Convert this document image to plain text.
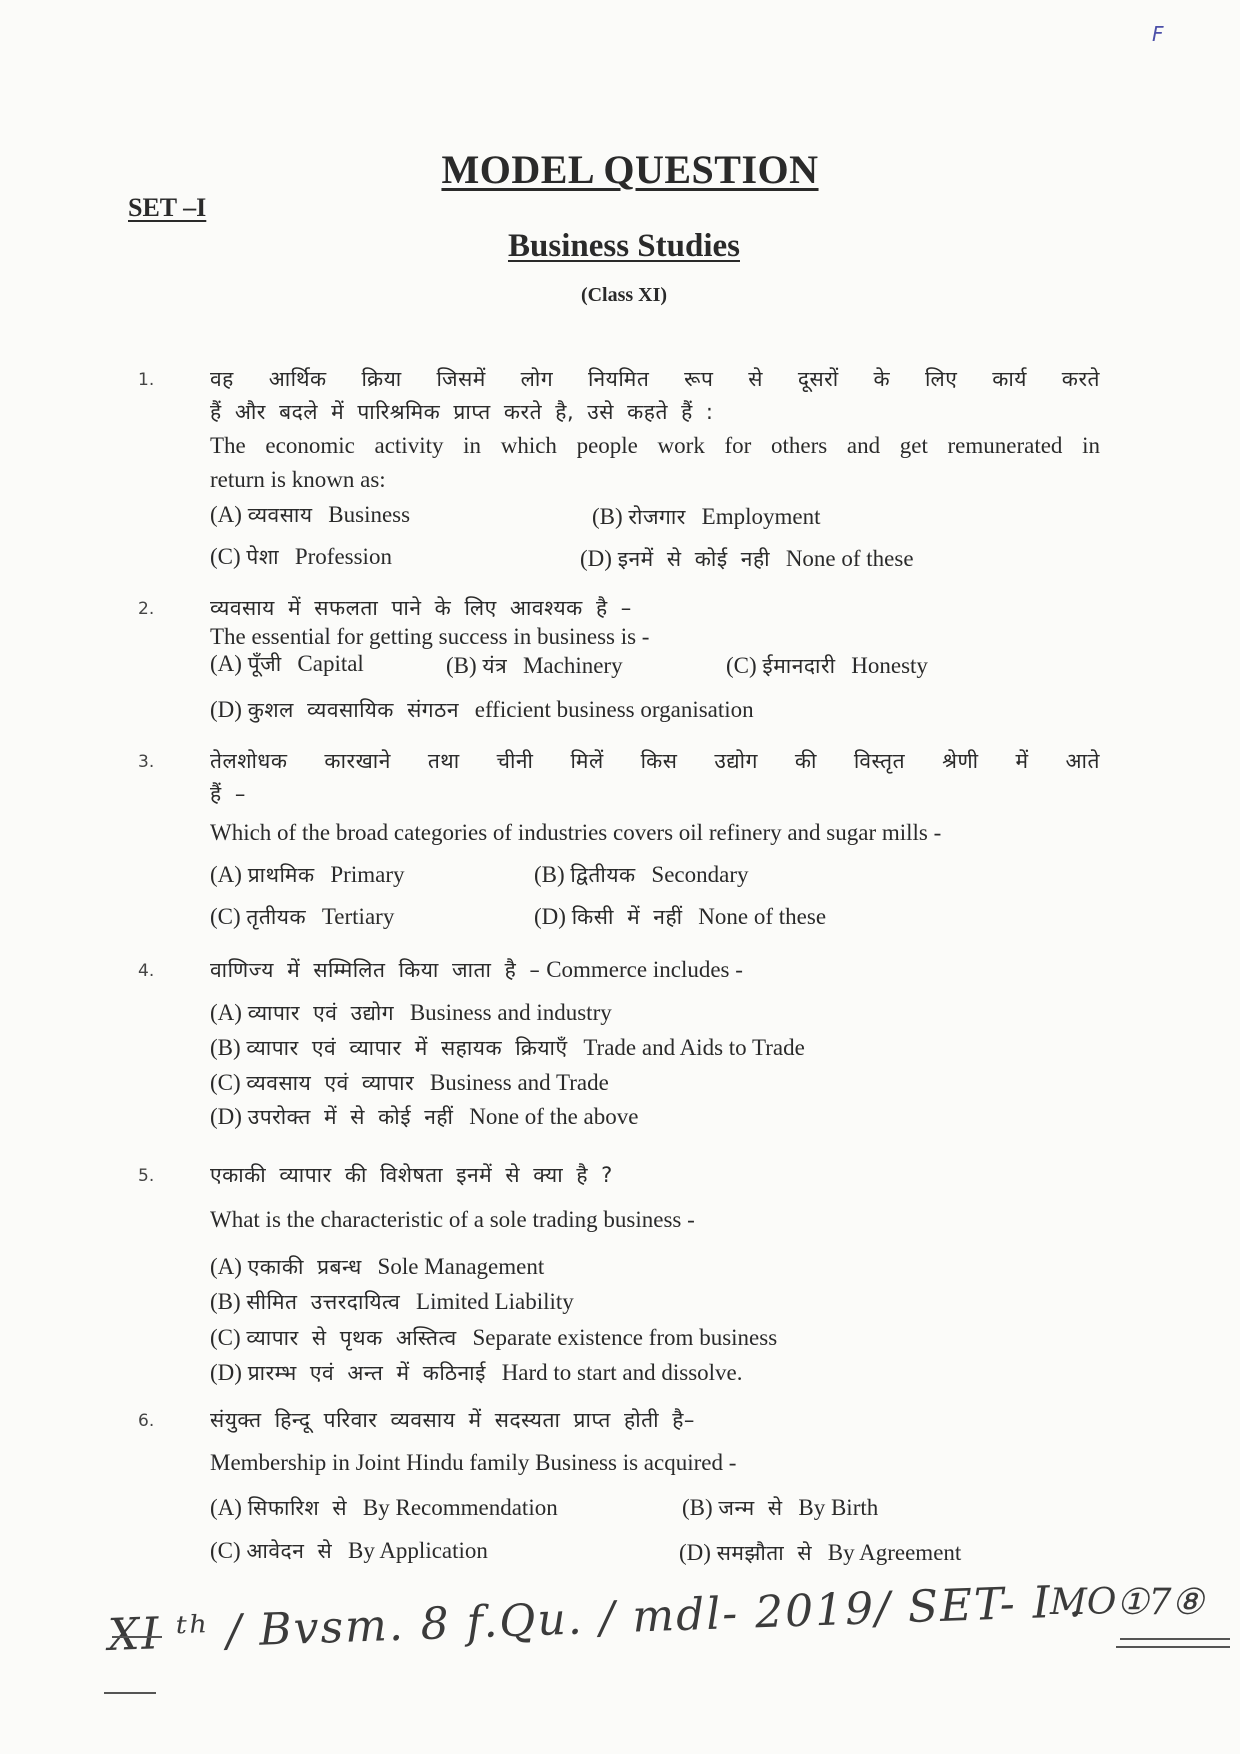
F
MODEL QUESTION
SET –I
Business Studies
(Class XI)
1.	वह आर्थिक क्रिया जिसमें लोग नियमित रूप से दूसरों के लिए कार्य करते
हैं और बदले में पारिश्रमिक प्राप्त करते है, उसे कहते हैं :
The economic activity in which people work for others and get remunerated in
return is known as:
(A) व्यवसाय Business	(B) रोजगार Employment
(C) पेशा Profession	(D) इनमें से कोई नही None of these
2.	व्यवसाय में सफलता पाने के लिए आवश्यक है –
The essential for getting success in business is -
(A) पूँजी Capital	(B) यंत्र Machinery	(C) ईमानदारी Honesty
(D) कुशल व्यवसायिक संगठन efficient business organisation
3.	तेलशोधक कारखाने तथा चीनी मिलें किस उद्योग की विस्तृत श्रेणी में आते
हैं –
Which of the broad categories of industries covers oil refinery and sugar mills -
(A) प्राथमिक Primary	(B) द्वितीयक Secondary
(C) तृतीयक Tertiary	(D) किसी में नहीं None of these
4.	वाणिज्य में सम्मिलित किया जाता है – Commerce includes -
(A) व्यापार एवं उद्योग Business and industry
(B) व्यापार एवं व्यापार में सहायक क्रियाएँ Trade and Aids to Trade
(C) व्यवसाय एवं व्यापार Business and Trade
(D) उपरोक्त में से कोई नहीं None of the above
5.	एकाकी व्यापार की विशेषता इनमें से क्या है ?
What is the characteristic of a sole trading business -
(A) एकाकी प्रबन्ध Sole Management
(B) सीमित उत्तरदायित्व Limited Liability
(C) व्यापार से पृथक अस्तित्व Separate existence from business
(D) प्रारम्भ एवं अन्त में कठिनाई Hard to start and dissolve.
6.	संयुक्त हिन्दू परिवार व्यवसाय में सदस्यता प्राप्त होती है–
Membership in Joint Hindu family Business is acquired -
(A) सिफारिश से By Recommendation	(B) जन्म से By Birth
(C) आवेदन से By Application	(D) समझौता से By Agreement
MO①7⑧
XI ᵗʰ / Bvsm. 8 f.Qu. / mdl- 2019/ SET- I .
